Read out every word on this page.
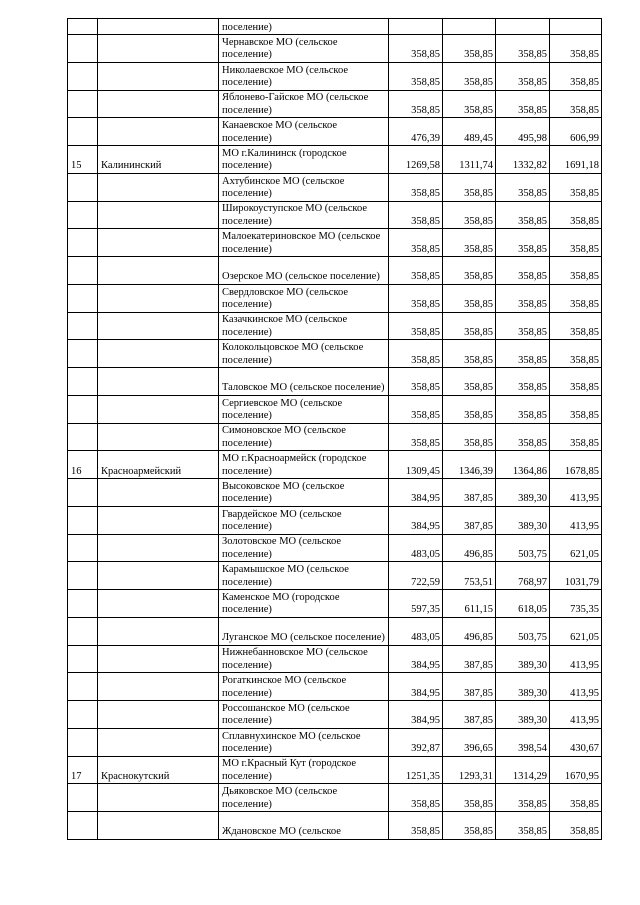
		поселение)				
		Чернавское МО (сельское поселение)	358,85	358,85	358,85	358,85
		Николаевское МО (сельское поселение)	358,85	358,85	358,85	358,85
		Яблонево-Гайское МО (сельское поселение)	358,85	358,85	358,85	358,85
		Канаевское МО (сельское поселение)	476,39	489,45	495,98	606,99
15	Калининский	МО г.Калининск (городское поселение)	1269,58	1311,74	1332,82	1691,18
		Ахтубинское МО (сельское поселение)	358,85	358,85	358,85	358,85
		Широкоуступское МО (сельское поселение)	358,85	358,85	358,85	358,85
		Малоекатериновское МО (сельское поселение)	358,85	358,85	358,85	358,85
		Озерское МО (сельское поселение)	358,85	358,85	358,85	358,85
		Свердловское МО (сельское поселение)	358,85	358,85	358,85	358,85
		Казачкинское МО (сельское поселение)	358,85	358,85	358,85	358,85
		Колокольцовское МО (сельское поселение)	358,85	358,85	358,85	358,85
		Таловское МО (сельское поселение)	358,85	358,85	358,85	358,85
		Сергиевское МО (сельское поселение)	358,85	358,85	358,85	358,85
		Симоновское МО (сельское поселение)	358,85	358,85	358,85	358,85
16	Красноармейский	МО г.Красноармейск (городское поселение)	1309,45	1346,39	1364,86	1678,85
		Высоковское МО (сельское поселение)	384,95	387,85	389,30	413,95
		Гвардейское МО (сельское поселение)	384,95	387,85	389,30	413,95
		Золотовское МО (сельское поселение)	483,05	496,85	503,75	621,05
		Карамышское МО (сельское поселение)	722,59	753,51	768,97	1031,79
		Каменское МО (городское поселение)	597,35	611,15	618,05	735,35
		Луганское МО (сельское поселение)	483,05	496,85	503,75	621,05
		Нижнебанновское МО (сельское поселение)	384,95	387,85	389,30	413,95
		Рогаткинское МО (сельское поселение)	384,95	387,85	389,30	413,95
		Россошанское МО (сельское поселение)	384,95	387,85	389,30	413,95
		Сплавнухинское МО (сельское поселение)	392,87	396,65	398,54	430,67
17	Краснокутский	МО г.Красный Кут (городское поселение)	1251,35	1293,31	1314,29	1670,95
		Дьяковское МО (сельское поселение)	358,85	358,85	358,85	358,85
		Ждановское МО (сельское	358,85	358,85	358,85	358,85
